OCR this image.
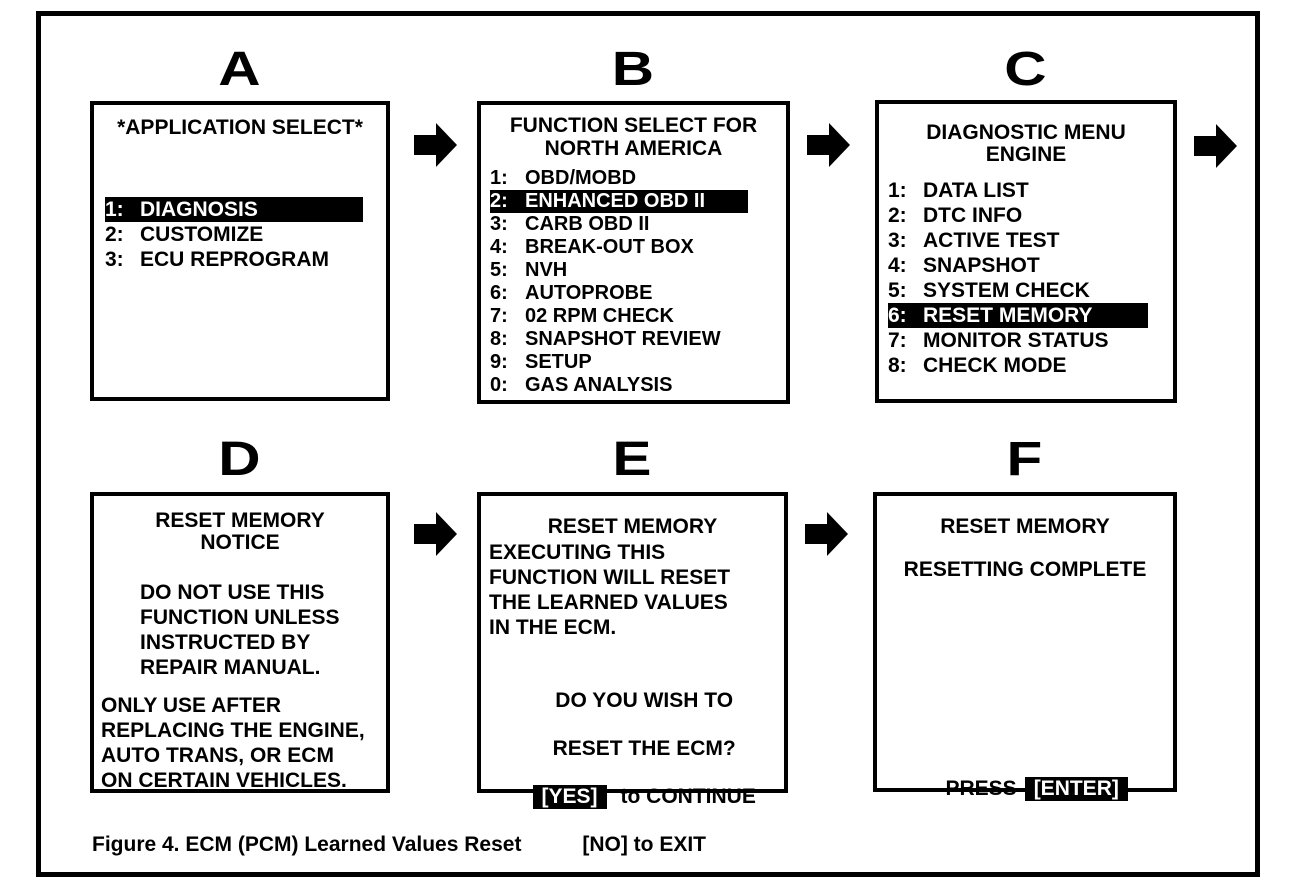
A	B	C
D	E	F
*APPLICATION SELECT*
1: DIAGNOSIS
2: CUSTOMIZE
3: ECU REPROGRAM
FUNCTION SELECT FOR
NORTH AMERICA
1: OBD/MOBD
2: ENHANCED OBD II
3: CARB OBD II
4: BREAK-OUT BOX
5: NVH
6: AUTOPROBE
7: 02 RPM CHECK
8: SNAPSHOT REVIEW
9: SETUP
0: GAS ANALYSIS
DIAGNOSTIC MENU
ENGINE
1: DATA LIST
2: DTC INFO
3: ACTIVE TEST
4: SNAPSHOT
5: SYSTEM CHECK
6: RESET MEMORY
7: MONITOR STATUS
8: CHECK MODE
RESET MEMORY
NOTICE
DO NOT USE THIS
FUNCTION UNLESS
INSTRUCTED BY
REPAIR MANUAL.
ONLY USE AFTER
REPLACING THE ENGINE,
AUTO TRANS, OR ECM
ON CERTAIN VEHICLES.
RESET MEMORY
EXECUTING THIS
FUNCTION WILL RESET
THE LEARNED VALUES
IN THE ECM.

DO YOU WISH TO

RESET THE ECM?

[YES] to CONTINUE

[NO] to EXIT

RESET MEMORY
RESETTING COMPLETE

PRESS [ENTER]

Figure 4. ECM (PCM) Learned Values Reset
